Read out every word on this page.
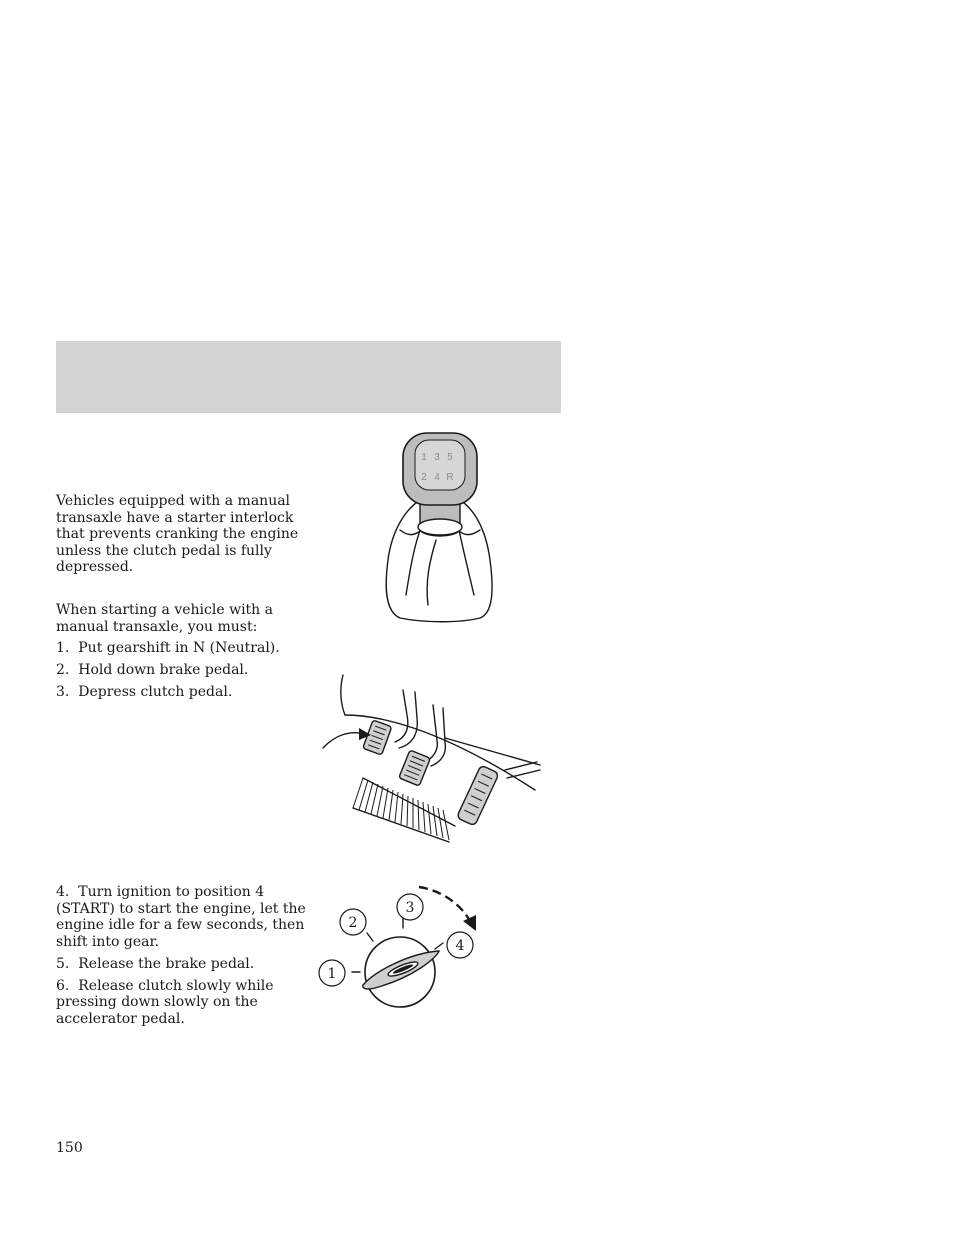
Vehicles equipped with a manual transaxle have a starter interlock that prevents cranking the engine unless the clutch pedal is fully depressed.

When starting a vehicle with a manual transaxle, you must:

1. Put gearshift in N (Neutral).

2. Hold down brake pedal.

3. Depress clutch pedal.

4. Turn ignition to position 4 (START) to start the engine, let the engine idle for a few seconds, then shift into gear.

5. Release the brake pedal.

6. Release clutch slowly while pressing down slowly on the accelerator pedal.

150
1 3 5
2 4 R
1
2
3
4
